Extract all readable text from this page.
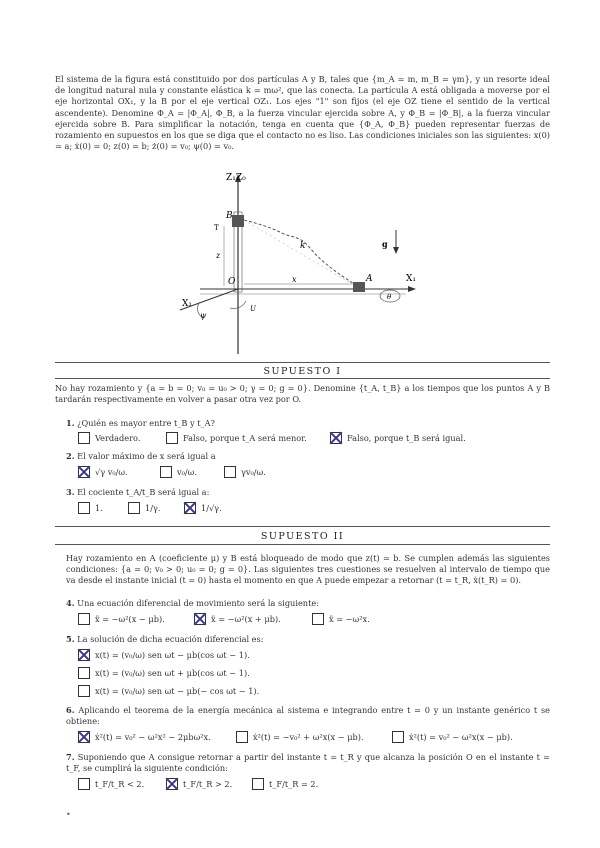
El sistema de la figura está constituido por dos partículas A y B, tales que {m_A = m, m_B = γm}, y un resorte ideal de longitud natural nula y constante elástica k = mω², que las conecta. La partícula A está obligada a moverse por el eje horizontal OX₁, y la B por el eje vertical OZ₁. Los ejes "1" son fijos (el eje OZ tiene el sentido de la vertical ascendente). Denomine Φ_A = |Φ_A|, Φ_B, a la fuerza vincular ejercida sobre A, y Φ_B = |Φ_B|, a la fuerza vincular ejercida sobre B. Para simplificar la notación, tenga en cuenta que {Φ_A, Φ_B} pueden representar fuerzas de rozamiento en supuestos en los que se diga que el contacto no es liso. Las condiciones iniciales son las siguientes: x(0) = a; ẋ(0) = 0; z(0) = b; ż(0) = v₀; ψ(0) = v₀.
Z₁Z₀
X₁
X₁
g
B
A
O
k
z
x
T
ψ
θ
U
SUPUESTO I
No hay rozamiento y {a = b = 0; v₀ = u₀ > 0; γ = 0; g = 0}. Denomine {t_A, t_B} a los tiempos que los puntos A y B tardarán respectivamente en volver a pasar otra vez por O.
1. ¿Quién es mayor entre t_B y t_A?
Verdadero.	Falso, porque t_A será menor.	Falso, porque t_B será igual.
2. El valor máximo de x será igual a
√γ v₀/ω.	v₀/ω.	γv₀/ω.
3. El cociente t_A/t_B será igual a:
1.	1/γ.	1/√γ.
SUPUESTO II
Hay rozamiento en A (coeficiente μ) y B está bloqueado de modo que z(t) = b. Se cumplen además las siguientes condiciones: {a = 0; v₀ > 0; u₀ = 0; g = 0}. Las siguientes tres cuestiones se resuelven al intervalo de tiempo que va desde el instante inicial (t = 0) hasta el momento en que A puede empezar a retornar (t = t_R, ẋ(t_R) = 0).
4. Una ecuación diferencial de movimiento será la siguiente:
ẍ = −ω²(x − μb).	ẍ = −ω²(x + μb).	ẍ = −ω²x.
5. La solución de dicha ecuación diferencial es:
x(t) = (v₀/ω) sen ωt − μb(cos ωt − 1).
x(t) = (v₀/ω) sen ωt + μb(cos ωt − 1).
x(t) = (v₀/ω) sen ωt − μb(− cos ωt − 1).
6. Aplicando el teorema de la energía mecánica al sistema e integrando entre t = 0 y un instante genérico t se obtiene:
ẋ²(t) = v₀² − ω²x² − 2μbω²x.	ẋ²(t) = −v₀² + ω²x(x − μb).	ẋ²(t) = v₀² − ω²x(x − μb).
7. Suponiendo que A consigue retornar a partir del instante t = t_R y que alcanza la posición O en el instante t = t_F, se cumplirá la siguiente condición:
t_F/t_R < 2.	t_F/t_R > 2.	t_F/t_R = 2.
•
